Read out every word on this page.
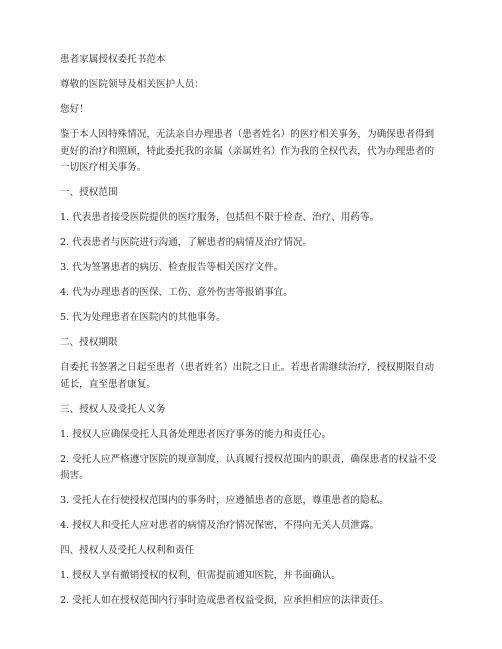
患者家属授权委托书范本

尊敬的医院领导及相关医护人员：

您好！

鉴于本人因特殊情况，无法亲自办理患者（患者姓名）的医疗相关事务，为确保患者得到更好的治疗和照顾，特此委托我的亲属（亲属姓名）作为我的全权代表，代为办理患者的一切医疗相关事务。

一、授权范围

1. 代表患者接受医院提供的医疗服务，包括但不限于检查、治疗、用药等。

2. 代表患者与医院进行沟通，了解患者的病情及治疗情况。

3. 代为签署患者的病历、检查报告等相关医疗文件。

4. 代为办理患者的医保、工伤、意外伤害等报销事宜。

5. 代为处理患者在医院内的其他事务。

二、授权期限

自委托书签署之日起至患者（患者姓名）出院之日止。若患者需继续治疗，授权期限自动延长，直至患者康复。

三、授权人及受托人义务

1. 授权人应确保受托人具备处理患者医疗事务的能力和责任心。

2. 受托人应严格遵守医院的规章制度，认真履行授权范围内的职责，确保患者的权益不受损害。

3. 受托人在行使授权范围内的事务时，应遵循患者的意愿，尊重患者的隐私。

4. 授权人和受托人应对患者的病情及治疗情况保密，不得向无关人员泄露。

四、授权人及受托人权利和责任

1. 授权人享有撤销授权的权利，但需提前通知医院，并书面确认。

2. 受托人如在授权范围内行事时造成患者权益受损，应承担相应的法律责任。
